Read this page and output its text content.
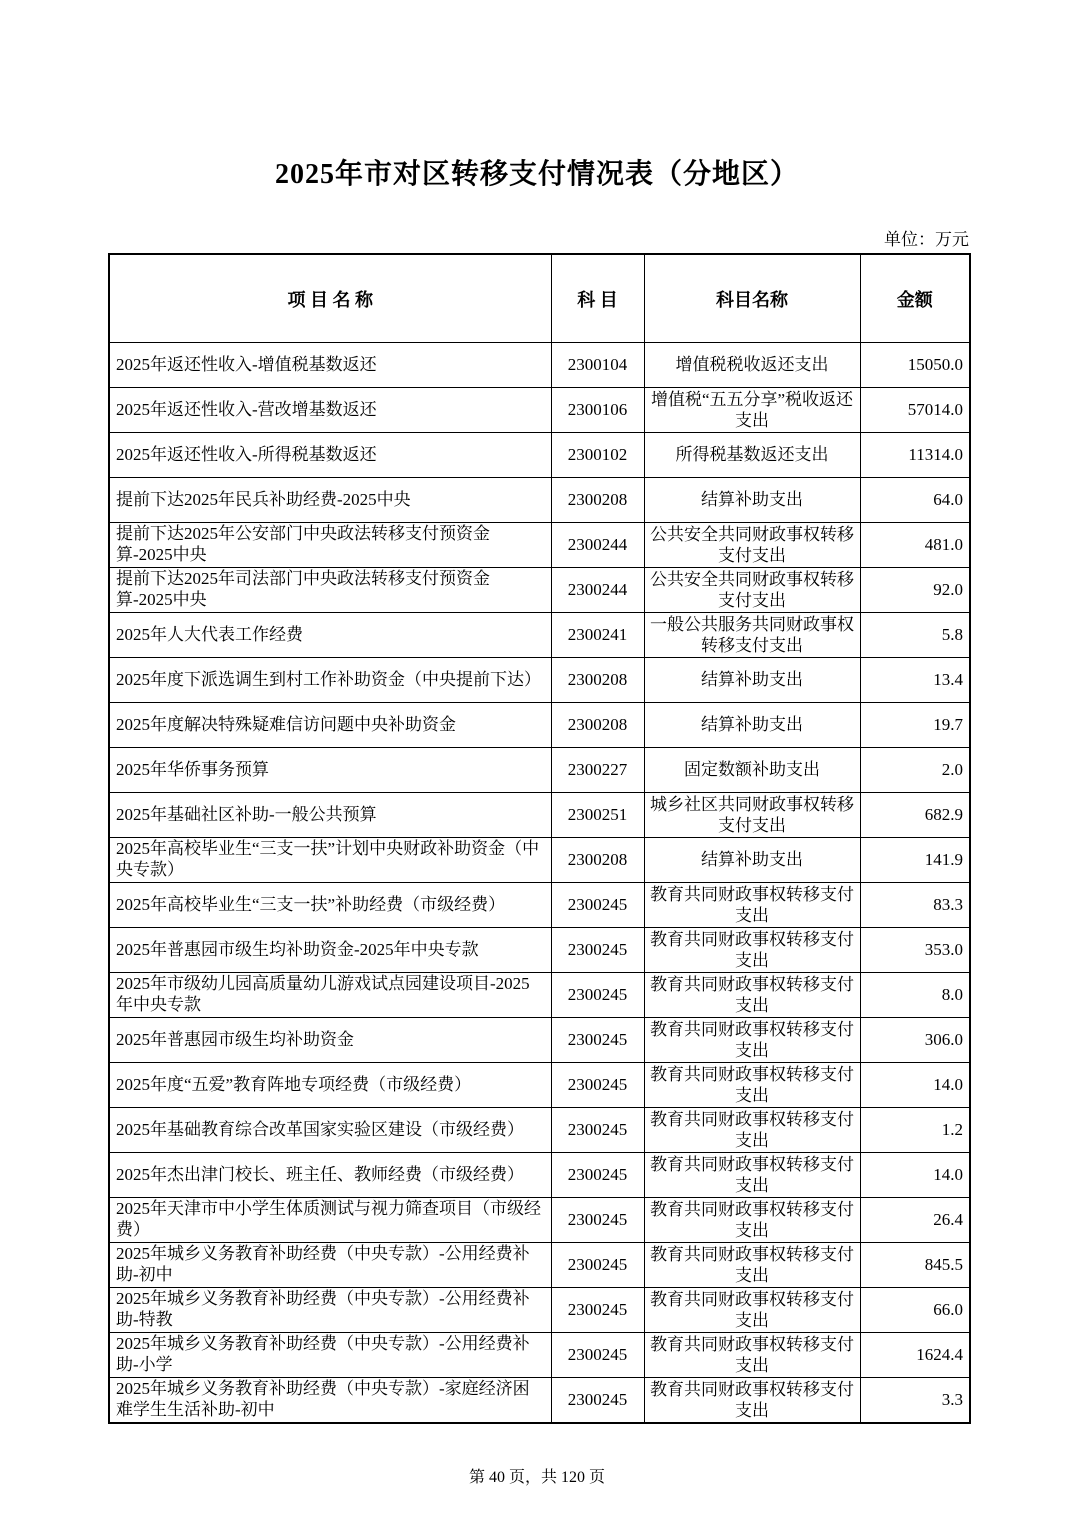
2025年市对区转移支付情况表（分地区）
单位：万元
项 目 名 称	科 目	科目名称	金额
2025年返还性收入-增值税基数返还	2300104	增值税税收返还支出	15050.0
2025年返还性收入-营改增基数返还	2300106	增值税“五五分享”税收返还支出	57014.0
2025年返还性收入-所得税基数返还	2300102	所得税基数返还支出	11314.0
提前下达2025年民兵补助经费-2025中央	2300208	结算补助支出	64.0
提前下达2025年公安部门中央政法转移支付预资金算-2025中央	2300244	公共安全共同财政事权转移支付支出	481.0
提前下达2025年司法部门中央政法转移支付预资金算-2025中央	2300244	公共安全共同财政事权转移支付支出	92.0
2025年人大代表工作经费	2300241	一般公共服务共同财政事权转移支付支出	5.8
2025年度下派选调生到村工作补助资金（中央提前下达）	2300208	结算补助支出	13.4
2025年度解决特殊疑难信访问题中央补助资金	2300208	结算补助支出	19.7
2025年华侨事务预算	2300227	固定数额补助支出	2.0
2025年基础社区补助-一般公共预算	2300251	城乡社区共同财政事权转移支付支出	682.9
2025年高校毕业生“三支一扶”计划中央财政补助资金（中央专款）	2300208	结算补助支出	141.9
2025年高校毕业生“三支一扶”补助经费（市级经费）	2300245	教育共同财政事权转移支付支出	83.3
2025年普惠园市级生均补助资金-2025年中央专款	2300245	教育共同财政事权转移支付支出	353.0
2025年市级幼儿园高质量幼儿游戏试点园建设项目-2025年中央专款	2300245	教育共同财政事权转移支付支出	8.0
2025年普惠园市级生均补助资金	2300245	教育共同财政事权转移支付支出	306.0
2025年度“五爱”教育阵地专项经费（市级经费）	2300245	教育共同财政事权转移支付支出	14.0
2025年基础教育综合改革国家实验区建设（市级经费）	2300245	教育共同财政事权转移支付支出	1.2
2025年杰出津门校长、班主任、教师经费（市级经费）	2300245	教育共同财政事权转移支付支出	14.0
2025年天津市中小学生体质测试与视力筛查项目（市级经费）	2300245	教育共同财政事权转移支付支出	26.4
2025年城乡义务教育补助经费（中央专款）-公用经费补助-初中	2300245	教育共同财政事权转移支付支出	845.5
2025年城乡义务教育补助经费（中央专款）-公用经费补助-特教	2300245	教育共同财政事权转移支付支出	66.0
2025年城乡义务教育补助经费（中央专款）-公用经费补助-小学	2300245	教育共同财政事权转移支付支出	1624.4
2025年城乡义务教育补助经费（中央专款）-家庭经济困难学生生活补助-初中	2300245	教育共同财政事权转移支付支出	3.3
第 40 页，共 120 页
